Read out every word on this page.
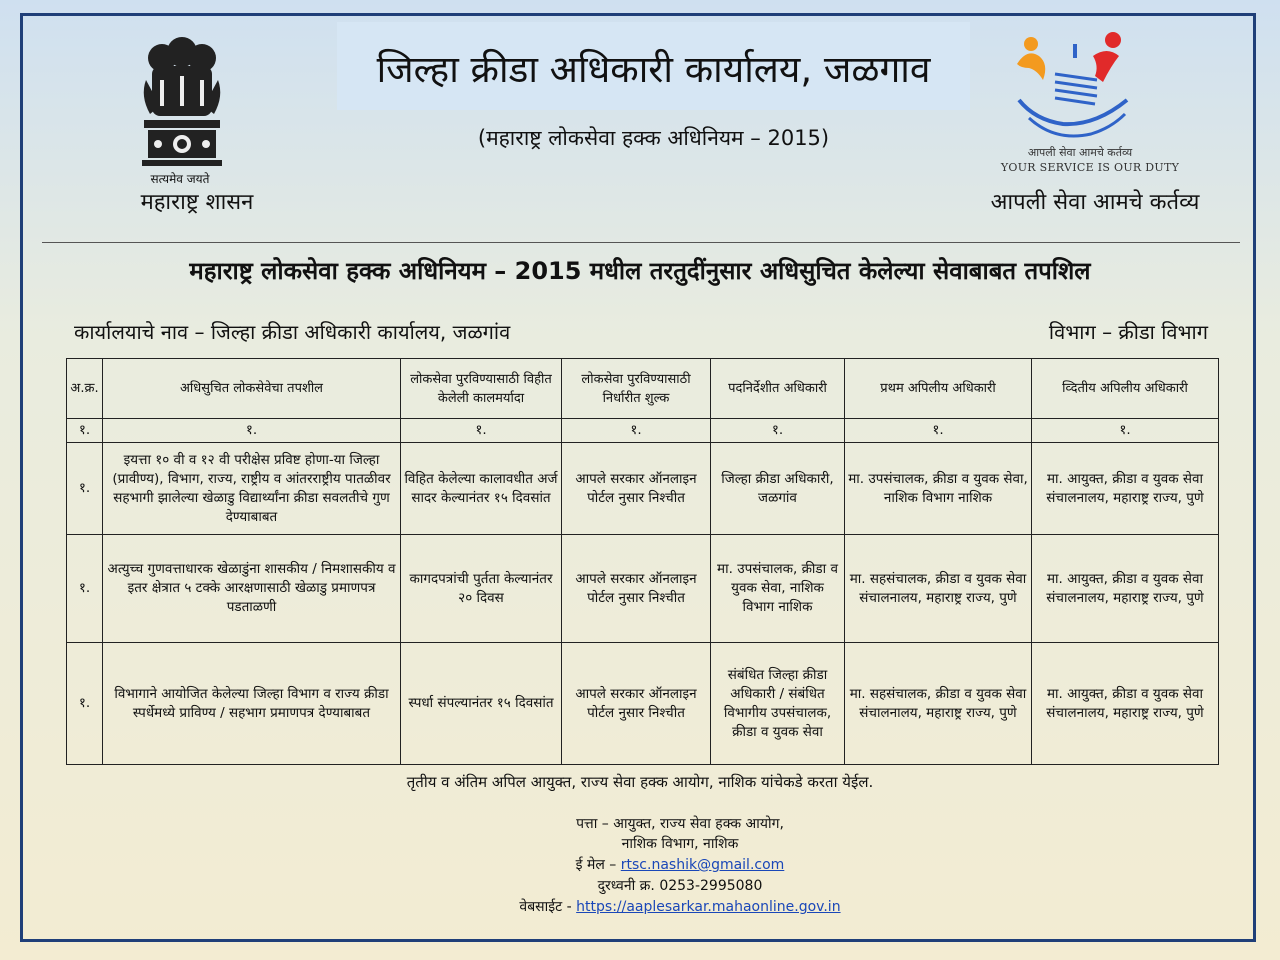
सत्यमेव जयते
महाराष्ट्र शासन
जिल्हा क्रीडा अधिकारी कार्यालय, जळगाव
(महाराष्ट्र लोकसेवा हक्क अधिनियम – 2015)
आपली सेवा आमचे कर्तव्य
YOUR SERVICE IS OUR DUTY
आपली सेवा आमचे कर्तव्य
महाराष्ट्र लोकसेवा हक्क अधिनियम – 2015 मधील तरतुदींनुसार अधिसुचित केलेल्या सेवाबाबत तपशिल
कार्यालयाचे नाव – जिल्हा क्रीडा अधिकारी कार्यालय, जळगांव	विभाग – क्रीडा विभाग
अ.क्र.	अधिसुचित लोकसेवेचा तपशील	लोकसेवा पुरविण्यासाठी विहीत केलेली कालमर्यादा	लोकसेवा पुरविण्यासाठी निर्धारीत शुल्क	पदनिर्देशीत अधिकारी	प्रथम अपिलीय अधिकारी	व्दितीय अपिलीय अधिकारी
१.	१.	१.	१.	१.	१.	१.
१.	इयत्ता १० वी व १२ वी परीक्षेस प्रविष्ट होणा-या जिल्हा (प्रावीण्य), विभाग, राज्य, राष्ट्रीय व आंतरराष्ट्रीय पातळीवर सहभागी झालेल्या खेळाडु विद्यार्थ्यांना क्रीडा सवलतीचे गुण देण्याबाबत	विहित केलेल्या कालावधीत अर्ज सादर केल्यानंतर १५ दिवसांत	आपले सरकार ऑनलाइन पोर्टल नुसार निश्चीत	जिल्हा क्रीडा अधिकारी, जळगांव	मा. उपसंचालक, क्रीडा व युवक सेवा, नाशिक विभाग नाशिक	मा. आयुक्त, क्रीडा व युवक सेवा संचालनालय, महाराष्ट्र राज्य, पुणे
१.	अत्युच्च गुणवत्ताधारक खेळाडुंना शासकीय / निमशासकीय व इतर क्षेत्रात ५ टक्के आरक्षणासाठी खेळाडु प्रमाणपत्र पडताळणी	कागदपत्रांची पुर्तता केल्यानंतर २० दिवस	आपले सरकार ऑनलाइन पोर्टल नुसार निश्चीत	मा. उपसंचालक, क्रीडा व युवक सेवा, नाशिक विभाग नाशिक	मा. सहसंचालक, क्रीडा व युवक सेवा संचालनालय, महाराष्ट्र राज्य, पुणे	मा. आयुक्त, क्रीडा व युवक सेवा संचालनालय, महाराष्ट्र राज्य, पुणे
१.	विभागाने आयोजित केलेल्या जिल्हा विभाग व राज्य क्रीडा स्पर्धेमध्ये प्राविण्य / सहभाग प्रमाणपत्र देण्याबाबत	स्पर्धा संपल्यानंतर १५ दिवसांत	आपले सरकार ऑनलाइन पोर्टल नुसार निश्चीत	संबंधित जिल्हा क्रीडा अधिकारी / संबंधित विभागीय उपसंचालक, क्रीडा व युवक सेवा	मा. सहसंचालक, क्रीडा व युवक सेवा संचालनालय, महाराष्ट्र राज्य, पुणे	मा. आयुक्त, क्रीडा व युवक सेवा संचालनालय, महाराष्ट्र राज्य, पुणे
तृतीय व अंतिम अपिल आयुक्त, राज्य सेवा हक्क आयोग, नाशिक यांचेकडे करता येईल.
पत्ता – आयुक्त, राज्य सेवा हक्क आयोग,
नाशिक विभाग, नाशिक
ई मेल – rtsc.nashik@gmail.com
दुरध्वनी क्र. 0253-2995080
वेबसाईट - https://aaplesarkar.mahaonline.gov.in
